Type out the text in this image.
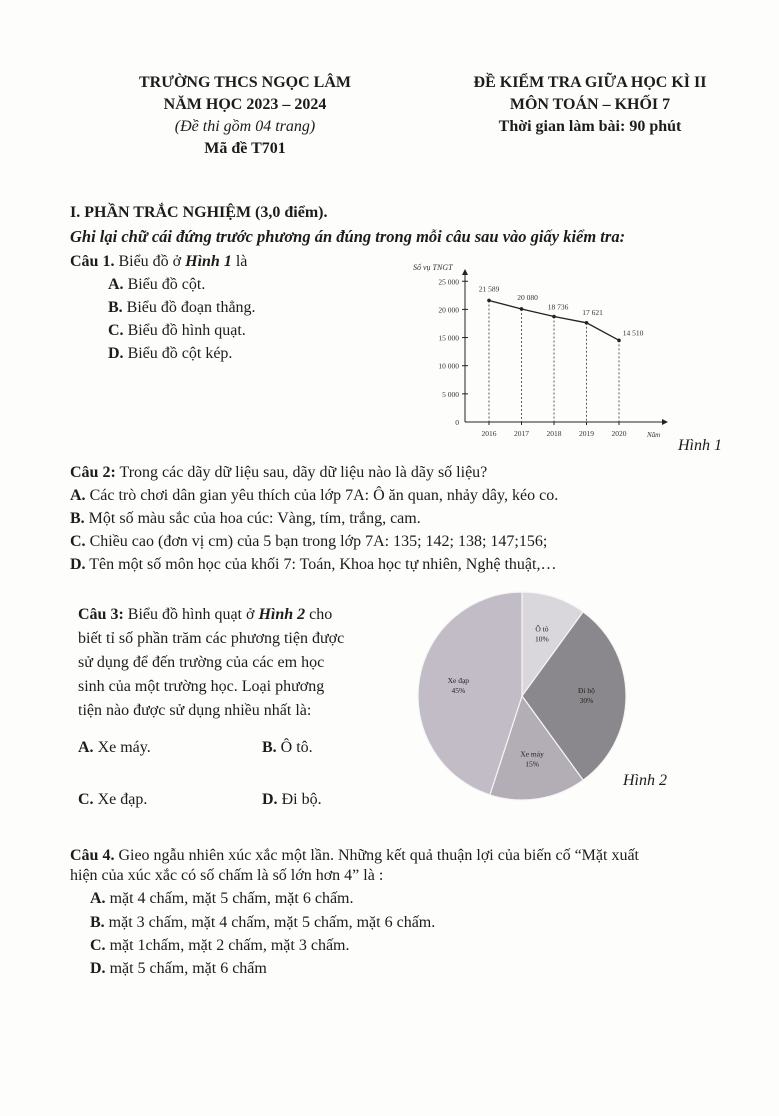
TRƯỜNG THCS NGỌC LÂM
NĂM HỌC 2023 – 2024
(Đề thi gồm 04 trang)
Mã đề T701
ĐỀ KIỂM TRA GIỮA HỌC KÌ II
MÔN TOÁN – KHỐI 7
Thời gian làm bài: 90 phút
I. PHẦN TRẮC NGHIỆM (3,0 điểm).
Ghi lại chữ cái đứng trước phương án đúng trong mỗi câu sau vào giấy kiểm tra:
Câu 1. Biểu đồ ở Hình 1 là
A. Biểu đồ cột.
B. Biểu đồ đoạn thẳng.
C. Biểu đồ hình quạt.
D. Biểu đồ cột kép.
Số vụ TNGT
Năm
0
5 000
10 000
15 000
20 000
25 000
2016 2017 2018 2019 2020
21 589
20 080
18 736
17 621
14 510
Hình 1
Câu 2: Trong các dãy dữ liệu sau, dãy dữ liệu nào là dãy số liệu?
A. Các trò chơi dân gian yêu thích của lớp 7A: Ô ăn quan, nhảy dây, kéo co.
B. Một số màu sắc của hoa cúc: Vàng, tím, trắng, cam.
C. Chiều cao (đơn vị cm) của 5 bạn trong lớp 7A: 135; 142; 138; 147;156;
D. Tên một số môn học của khối 7: Toán, Khoa học tự nhiên, Nghệ thuật,…
Câu 3: Biểu đồ hình quạt ở Hình 2 cho
biết tỉ số phần trăm các phương tiện được
sử dụng để đến trường của các em học
sinh của một trường học. Loại phương
tiện nào được sử dụng nhiều nhất là:
A. Xe máy.	B. Ô tô.
C. Xe đạp.	D. Đi bộ.
Ô tô
10%
Đi bộ
30%
Xe máy
15%
Xe đạp
45%
Hình 2
Câu 4. Gieo ngẫu nhiên xúc xắc một lần. Những kết quả thuận lợi của biến cố “Mặt xuất
hiện của xúc xắc có số chấm là số lớn hơn 4” là :
A. mặt 4 chấm, mặt 5 chấm, mặt 6 chấm.
B. mặt 3 chấm, mặt 4 chấm, mặt 5 chấm, mặt 6 chấm.
C. mặt 1chấm, mặt 2 chấm, mặt 3 chấm.
D. mặt 5 chấm, mặt 6 chấm
